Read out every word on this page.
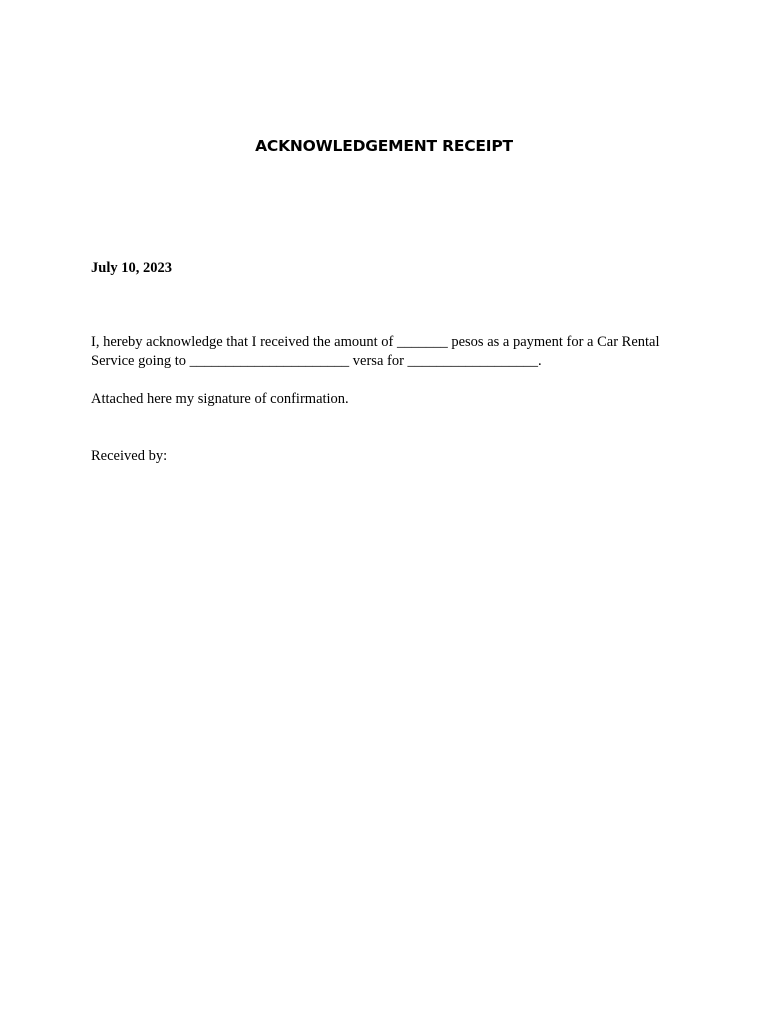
ACKNOWLEDGEMENT RECEIPT

July 10, 2023

I, hereby acknowledge that I received the amount of _______ pesos as a payment for a Car Rental

Service going to ______________________ versa for __________________.

Attached here my signature of confirmation.

Received by:
